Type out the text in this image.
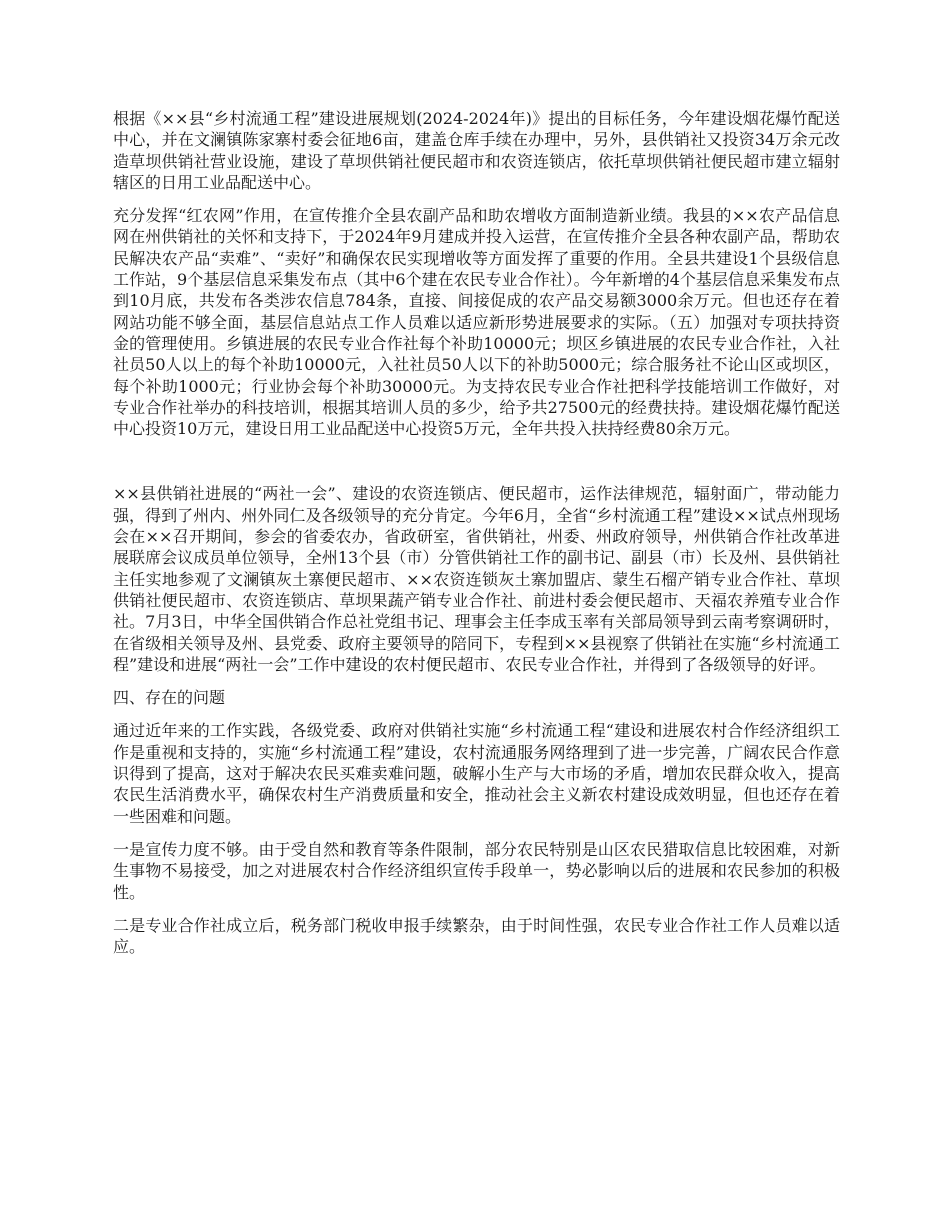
根据《××县“乡村流通工程”建设进展规划(2024-2024年)》提出的目标任务，今年建设烟花爆竹配送中心，并在文澜镇陈家寨村委会征地6亩，建盖仓库手续在办理中，另外，县供销社又投资34万余元改造草坝供销社营业设施，建设了草坝供销社便民超市和农资连锁店，依托草坝供销社便民超市建立辐射辖区的日用工业品配送中心。

充分发挥“红农网”作用，在宣传推介全县农副产品和助农增收方面制造新业绩。我县的××农产品信息网在州供销社的关怀和支持下，于2024年9月建成并投入运营，在宣传推介全县各种农副产品，帮助农民解决农产品“卖难”、“卖好”和确保农民实现增收等方面发挥了重要的作用。全县共建设1个县级信息工作站，9个基层信息采集发布点（其中6个建在农民专业合作社）。今年新增的4个基层信息采集发布点到10月底，共发布各类涉农信息784条，直接、间接促成的农产品交易额3000余万元。但也还存在着网站功能不够全面，基层信息站点工作人员难以适应新形势进展要求的实际。（五）加强对专项扶持资金的管理使用。乡镇进展的农民专业合作社每个补助10000元；坝区乡镇进展的农民专业合作社，入社社员50人以上的每个补助10000元，入社社员50人以下的补助5000元；综合服务社不论山区或坝区，每个补助1000元；行业协会每个补助30000元。为支持农民专业合作社把科学技能培训工作做好，对专业合作社举办的科技培训，根据其培训人员的多少，给予共27500元的经费扶持。建设烟花爆竹配送中心投资10万元，建设日用工业品配送中心投资5万元，全年共投入扶持经费80余万元。

××县供销社进展的“两社一会”、建设的农资连锁店、便民超市，运作法律规范，辐射面广，带动能力强，得到了州内、州外同仁及各级领导的充分肯定。今年6月，全省“乡村流通工程”建设××试点州现场会在××召开期间，参会的省委农办，省政研室，省供销社，州委、州政府领导，州供销合作社改革进展联席会议成员单位领导，全州13个县（市）分管供销社工作的副书记、副县（市）长及州、县供销社主任实地参观了文澜镇灰土寨便民超市、××农资连锁灰土寨加盟店、蒙生石榴产销专业合作社、草坝供销社便民超市、农资连锁店、草坝果蔬产销专业合作社、前进村委会便民超市、天福农养殖专业合作社。7月3日，中华全国供销合作总社党组书记、理事会主任李成玉率有关部局领导到云南考察调研时，在省级相关领导及州、县党委、政府主要领导的陪同下，专程到××县视察了供销社在实施“乡村流通工程”建设和进展“两社一会”工作中建设的农村便民超市、农民专业合作社，并得到了各级领导的好评。

四、存在的问题

通过近年来的工作实践，各级党委、政府对供销社实施“乡村流通工程“建设和进展农村合作经济组织工作是重视和支持的，实施“乡村流通工程”建设，农村流通服务网络理到了进一步完善，广阔农民合作意识得到了提高，这对于解决农民买难卖难问题，破解小生产与大市场的矛盾，增加农民群众收入，提高农民生活消费水平，确保农村生产消费质量和安全，推动社会主义新农村建设成效明显，但也还存在着一些困难和问题。

一是宣传力度不够。由于受自然和教育等条件限制，部分农民特别是山区农民猎取信息比较困难，对新生事物不易接受，加之对进展农村合作经济组织宣传手段单一，势必影响以后的进展和农民参加的积极性。

二是专业合作社成立后，税务部门税收申报手续繁杂，由于时间性强，农民专业合作社工作人员难以适应。
